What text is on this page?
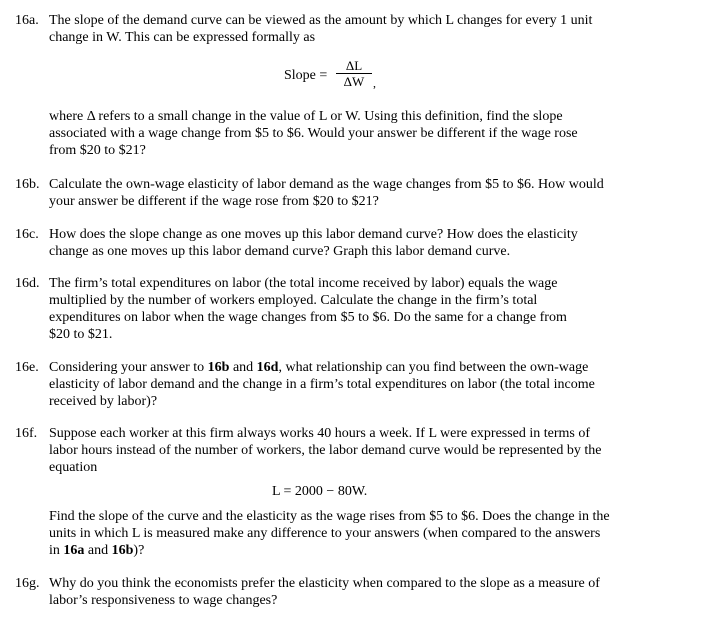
16a. The slope of the demand curve can be viewed as the amount by which L changes for every 1 unit
change in W. This can be expressed formally as
Slope = $\frac{\Delta L}{\Delta W}$ ,
where Δ refers to a small change in the value of L or W. Using this definition, find the slope
associated with a wage change from $5 to $6. Would your answer be different if the wage rose
from $20 to $21?
16b. Calculate the own-wage elasticity of labor demand as the wage changes from $5 to $6. How would
your answer be different if the wage rose from $20 to $21?
16c. How does the slope change as one moves up this labor demand curve? How does the elasticity
change as one moves up this labor demand curve? Graph this labor demand curve.
16d. The firm’s total expenditures on labor (the total income received by labor) equals the wage
multiplied by the number of workers employed. Calculate the change in the firm’s total
expenditures on labor when the wage changes from $5 to $6. Do the same for a change from
$20 to $21.
16e. Considering your answer to 16b and 16d, what relationship can you find between the own-wage
elasticity of labor demand and the change in a firm’s total expenditures on labor (the total income
received by labor)?
16f. Suppose each worker at this firm always works 40 hours a week. If L were expressed in terms of
labor hours instead of the number of workers, the labor demand curve would be represented by the
equation
L = 2000 − 80W.
Find the slope of the curve and the elasticity as the wage rises from $5 to $6. Does the change in the
units in which L is measured make any difference to your answers (when compared to the answers
in 16a and 16b)?
16g. Why do you think the economists prefer the elasticity when compared to the slope as a measure of
labor’s responsiveness to wage changes?
